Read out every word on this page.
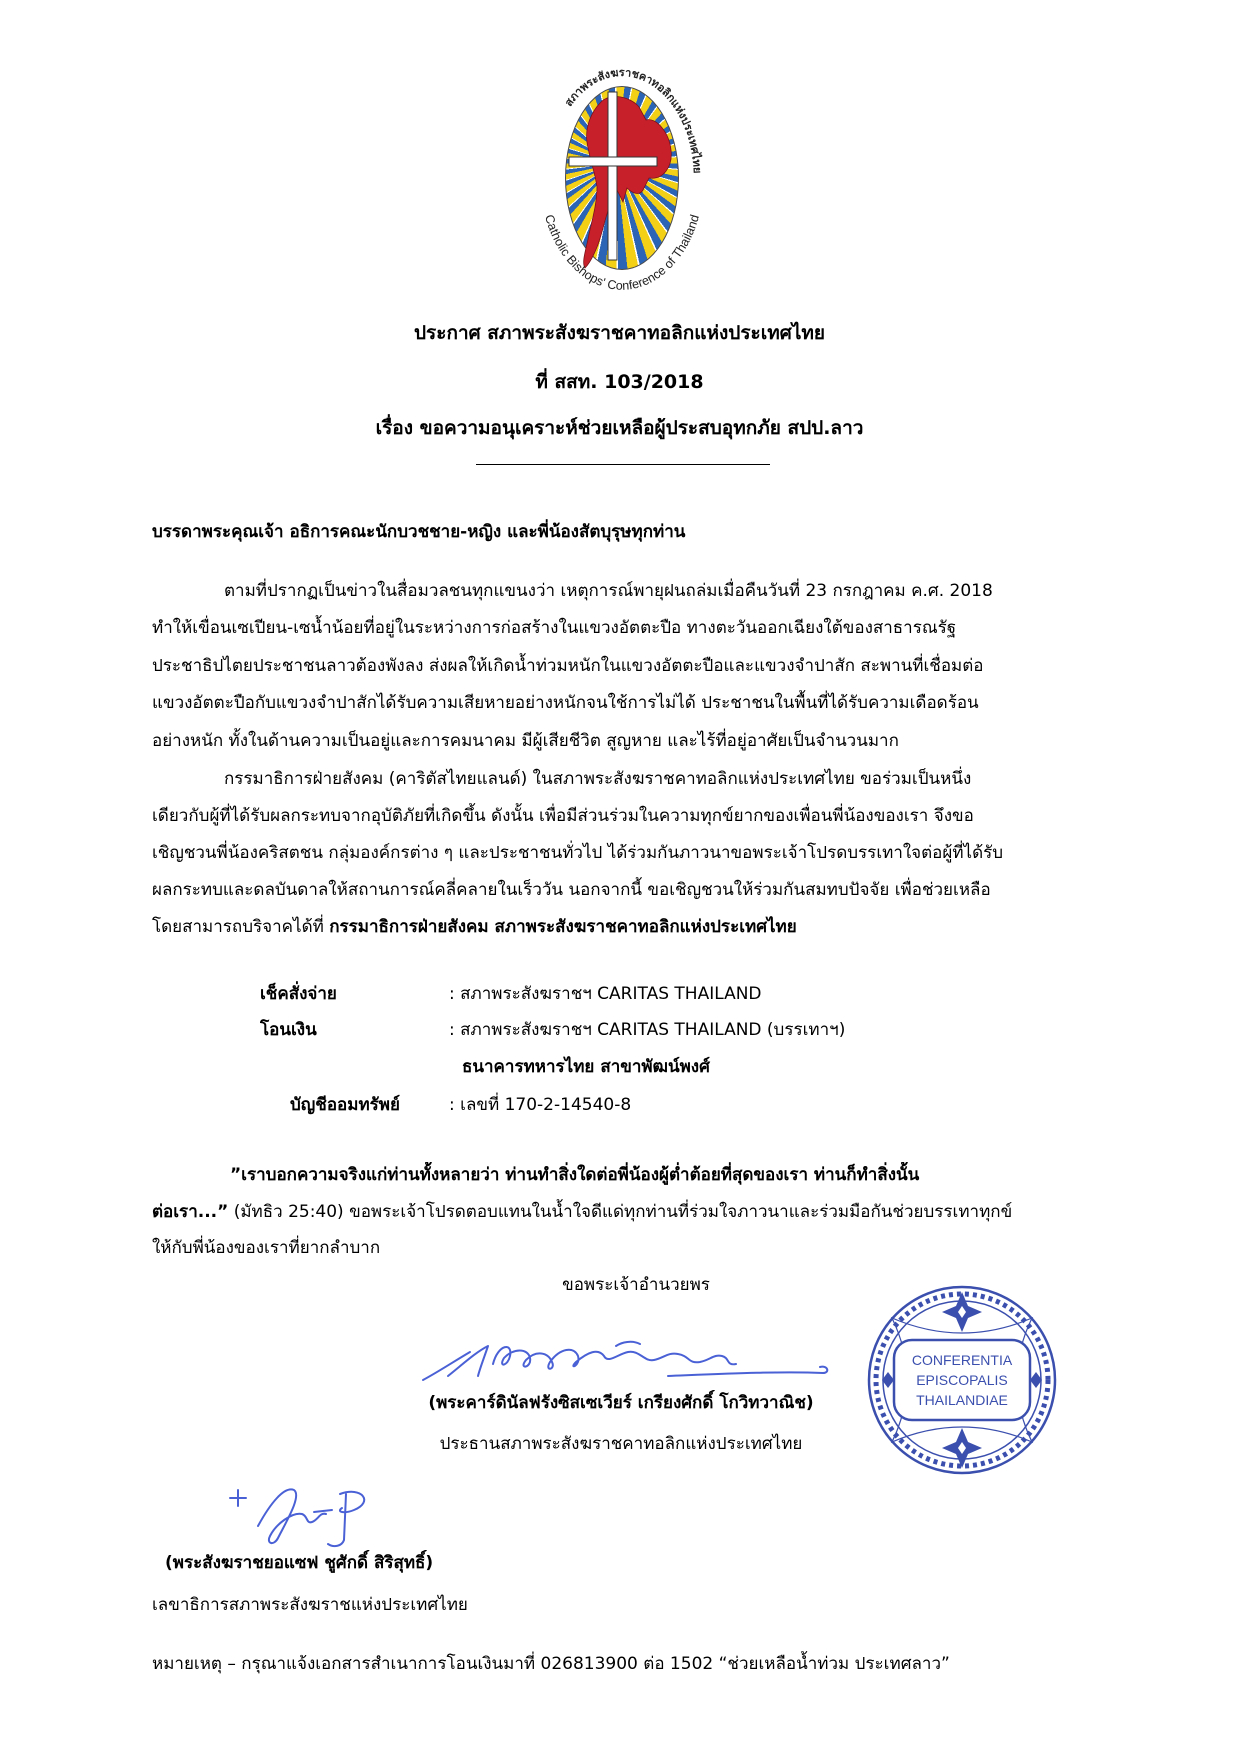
สภาพระสังฆราชคาทอลิกแห่งประเทศไทย
Catholic Bishops' Conference of Thailand
ประกาศ สภาพระสังฆราชคาทอลิกแห่งประเทศไทย
ที่ สสท. 103/2018
เรื่อง ขอความอนุเคราะห์ช่วยเหลือผู้ประสบอุทกภัย สปป.ลาว
บรรดาพระคุณเจ้า อธิการคณะนักบวชชาย-หญิง และพี่น้องสัตบุรุษทุกท่าน
ตามที่ปรากฏเป็นข่าวในสื่อมวลชนทุกแขนงว่า เหตุการณ์พายุฝนถล่มเมื่อคืนวันที่ 23 กรกฎาคม ค.ศ. 2018
ทำให้เขื่อนเซเปียน-เซน้ำน้อยที่อยู่ในระหว่างการก่อสร้างในแขวงอัตตะปือ ทางตะวันออกเฉียงใต้ของสาธารณรัฐ
ประชาธิปไตยประชาชนลาวต้องพังลง ส่งผลให้เกิดน้ำท่วมหนักในแขวงอัตตะปือและแขวงจำปาสัก สะพานที่เชื่อมต่อ
แขวงอัตตะปือกับแขวงจำปาสักได้รับความเสียหายอย่างหนักจนใช้การไม่ได้ ประชาชนในพื้นที่ได้รับความเดือดร้อน
อย่างหนัก ทั้งในด้านความเป็นอยู่และการคมนาคม มีผู้เสียชีวิต สูญหาย และไร้ที่อยู่อาศัยเป็นจำนวนมาก
กรรมาธิการฝ่ายสังคม (คาริตัสไทยแลนด์) ในสภาพระสังฆราชคาทอลิกแห่งประเทศไทย ขอร่วมเป็นหนึ่ง
เดียวกับผู้ที่ได้รับผลกระทบจากอุบัติภัยที่เกิดขึ้น ดังนั้น เพื่อมีส่วนร่วมในความทุกข์ยากของเพื่อนพี่น้องของเรา จึงขอ
เชิญชวนพี่น้องคริสตชน กลุ่มองค์กรต่าง ๆ และประชาชนทั่วไป ได้ร่วมกันภาวนาขอพระเจ้าโปรดบรรเทาใจต่อผู้ที่ได้รับ
ผลกระทบและดลบันดาลให้สถานการณ์คลี่คลายในเร็ววัน นอกจากนี้ ขอเชิญชวนให้ร่วมกันสมทบปัจจัย เพื่อช่วยเหลือ
โดยสามารถบริจาคได้ที่ กรรมาธิการฝ่ายสังคม สภาพระสังฆราชคาทอลิกแห่งประเทศไทย
เช็คสั่งจ่าย	: สภาพระสังฆราชฯ CARITAS THAILAND
โอนเงิน	: สภาพระสังฆราชฯ CARITAS THAILAND (บรรเทาฯ)
ธนาคารทหารไทย สาขาพัฒน์พงศ์
บัญชีออมทรัพย์	: เลขที่ 170-2-14540-8
”เราบอกความจริงแก่ท่านทั้งหลายว่า ท่านทำสิ่งใดต่อพี่น้องผู้ต่ำต้อยที่สุดของเรา ท่านก็ทำสิ่งนั้น
ต่อเรา...” (มัทธิว 25:40) ขอพระเจ้าโปรดตอบแทนในน้ำใจดีแด่ทุกท่านที่ร่วมใจภาวนาและร่วมมือกันช่วยบรรเทาทุกข์
ให้กับพี่น้องของเราที่ยากลำบาก
ขอพระเจ้าอำนวยพร
(พระคาร์ดินัลฟรังซิสเซเวียร์ เกรียงศักดิ์ โกวิทวาณิช)
ประธานสภาพระสังฆราชคาทอลิกแห่งประเทศไทย
CONFERENTIA
EPISCOPALIS
THAILANDIAE
(พระสังฆราชยอแซฟ ชูศักดิ์ สิริสุทธิ์)
เลขาธิการสภาพระสังฆราชแห่งประเทศไทย
หมายเหตุ – กรุณาแจ้งเอกสารสำเนาการโอนเงินมาที่ 026813900 ต่อ 1502 “ช่วยเหลือน้ำท่วม ประเทศลาว”
